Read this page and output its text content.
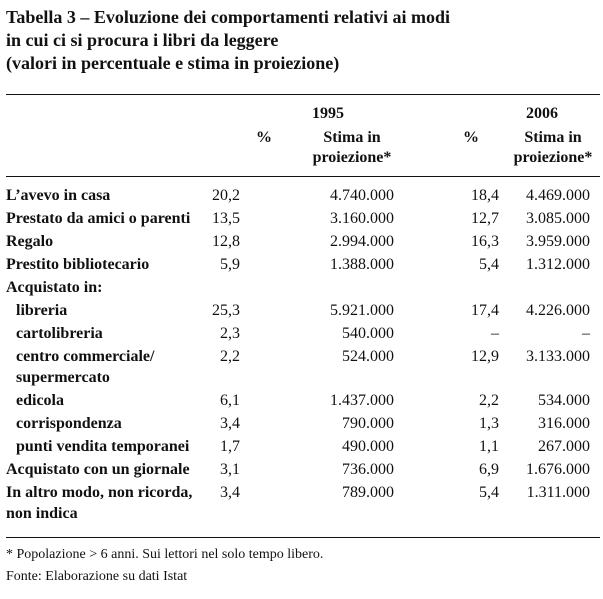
Tabella 3 – Evoluzione dei comportamenti relativi ai modi
in cui ci si procura i libri da leggere
(valori in percentuale e stima in proiezione)
1995	2006
%	Stima in
proiezione*
%	Stima in
proiezione*
L’avevo in casa	20,2	4.740.000	18,4 4.469.000
Prestato da amici o parenti 13,5	3.160.000	12,7 3.085.000
Regalo	12,8	2.994.000	16,3 3.959.000
Prestito bibliotecario	5,9	1.388.000	5,4 1.312.000
Acquistato in:
libreria	25,3	5.921.000	17,4 4.226.000
cartolibreria	2,3	540.000	–	–
centro commerciale/
supermercato
2,2	524.000	12,9 3.133.000
edicola	6,1	1.437.000	2,2 534.000
corrispondenza	3,4	790.000	1,3 316.000
punti vendita temporanei 1,7	490.000	1,1 267.000
Acquistato con un giornale 3,1	736.000	6,9 1.676.000
In altro modo, non ricorda,
non indica
3,4	789.000	5,4 1.311.000
* Popolazione > 6 anni. Sui lettori nel solo tempo libero.
Fonte: Elaborazione su dati Istat
